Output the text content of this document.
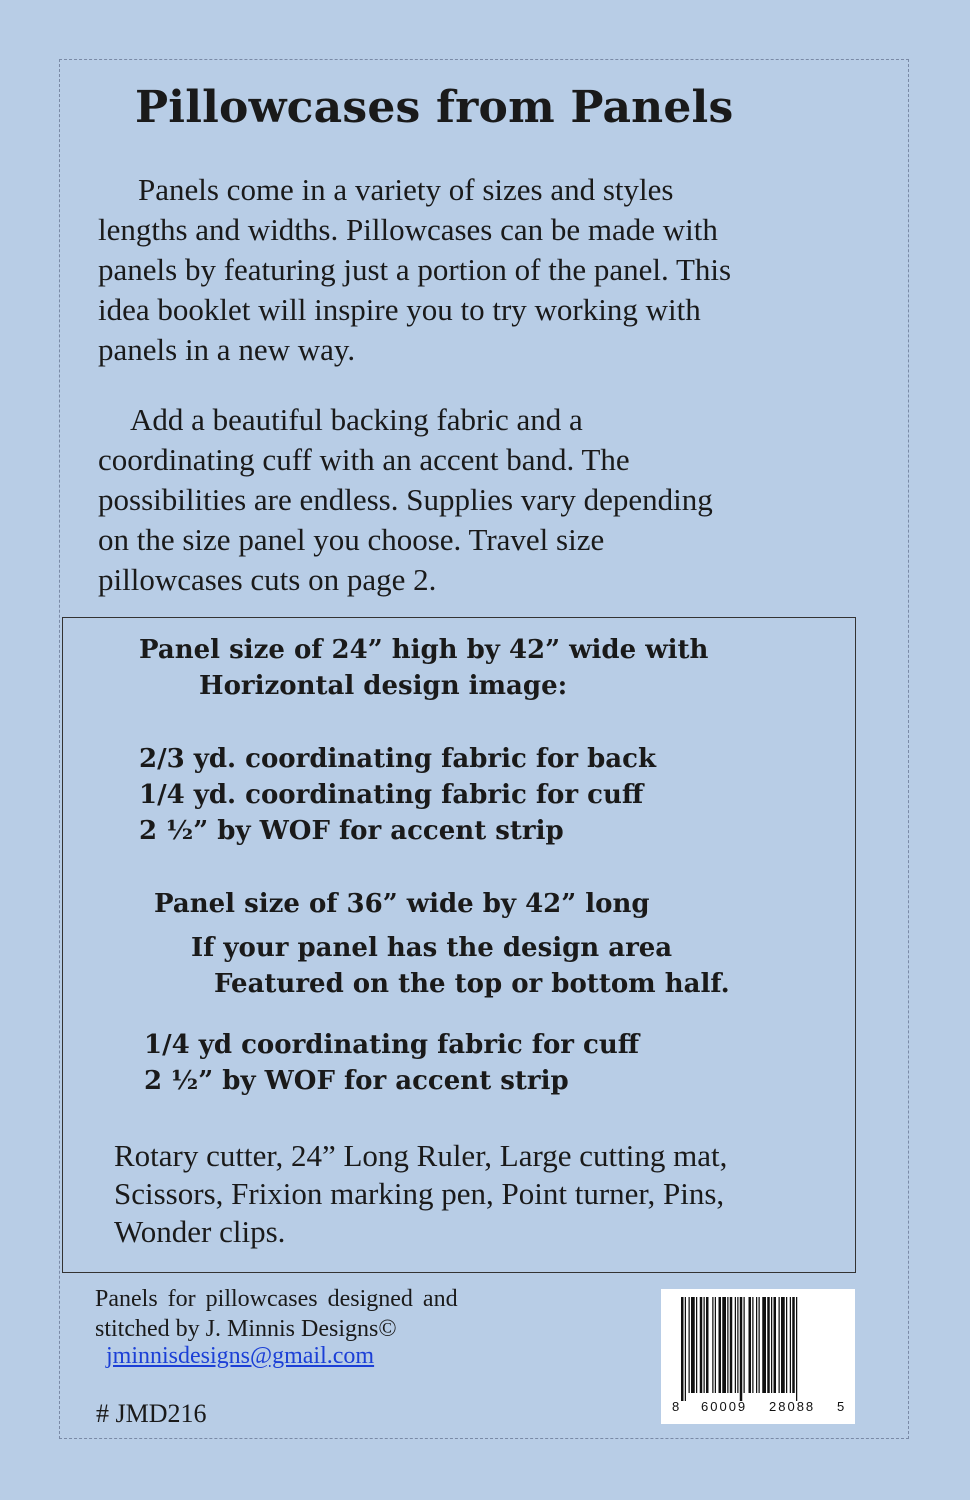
Pillowcases from Panels

Panels come in a variety of sizes and styles
lengths and widths. Pillowcases can be made with
panels by featuring just a portion of the panel. This
idea booklet will inspire you to try working with
panels in a new way.

Add a beautiful backing fabric and a
coordinating cuff with an accent band. The
possibilities are endless. Supplies vary depending
on the size panel you choose. Travel size
pillowcases cuts on page 2.

Panel size of 24” high by 42” wide with
Horizontal design image:
2/3 yd. coordinating fabric for back
1/4 yd. coordinating fabric for cuff
2 ½” by WOF for accent strip
Panel size of 36” wide by 42” long
If your panel has the design area
Featured on the top or bottom half.
1/4 yd coordinating fabric for cuff
2 ½” by WOF for accent strip
Rotary cutter, 24” Long Ruler, Large cutting mat,
Scissors, Frixion marking pen, Point turner, Pins,
Wonder clips.
Panels for pillowcases designed and
stitched by J. Minnis Designs©
jminnisdesigns@gmail.com
# JMD216	8 60009 28088 5
